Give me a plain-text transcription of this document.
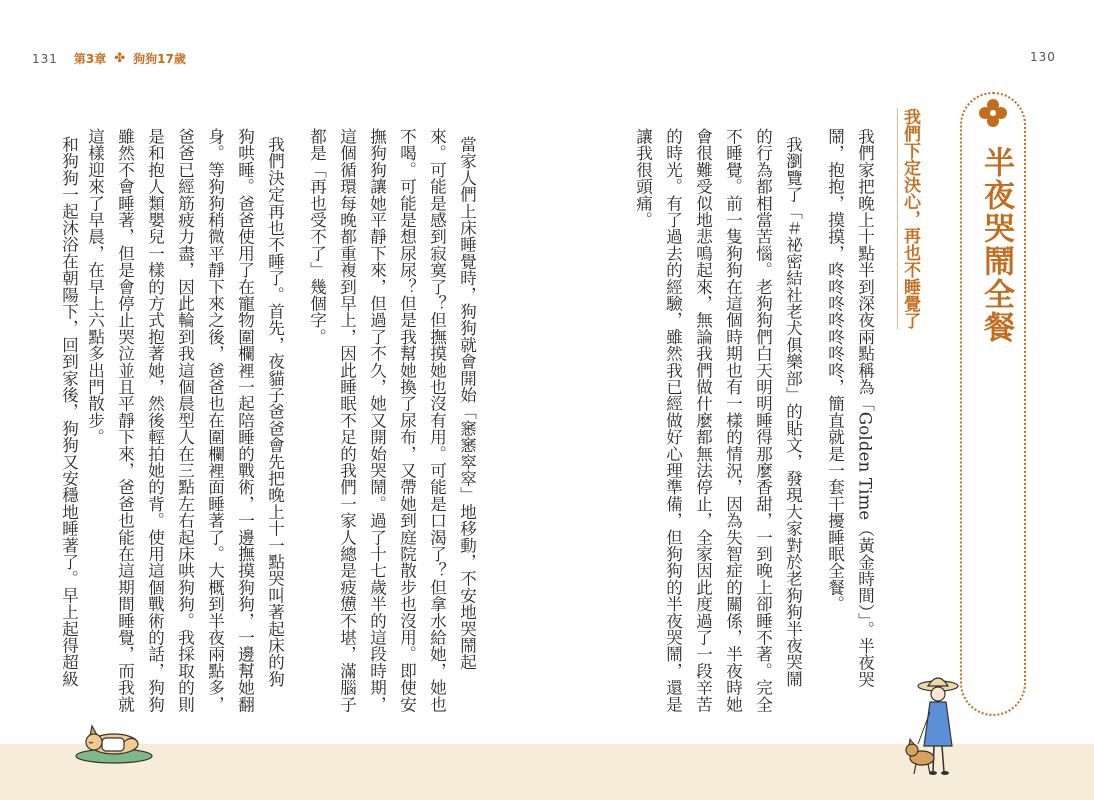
131 第3章 ✤ 狗狗17歲	130
半夜哭鬧全餐
我們下定決心，再也不睡覺了
我們家把晚上十點半到深夜兩點稱為「Golden Time（黃金時間）」。半夜哭
鬧，抱抱，摸摸，咚咚咚咚咚咚咚，簡直就是一套干擾睡眠全餐。
我瀏覽了「＃祕密結社老犬俱樂部」的貼文，發現大家對於老狗狗半夜哭鬧
的行為都相當苦惱。老狗狗們白天明明睡得那麼香甜，一到晚上卻睡不著。完全
不睡覺。前一隻狗狗在這個時期也有一樣的情況，因為失智症的關係，半夜時她
會很難受似地悲鳴起來，無論我們做什麼都無法停止，全家因此度過了一段辛苦
的時光。有了過去的經驗，雖然我已經做好心理準備，但狗狗的半夜哭鬧，還是
讓我很頭痛。
當家人們上床睡覺時，狗狗就會開始「窸窸窣窣」地移動，不安地哭鬧起
來。可能是感到寂寞了？但撫摸她也沒有用。可能是口渴了？但拿水給她，她也
不喝。可能是想尿尿？但是我幫她換了尿布，又帶她到庭院散步也沒用。即使安
撫狗狗讓她平靜下來，但過了不久，她又開始哭鬧。過了十七歲半的這段時期，
這個循環每晚都重複到早上，因此睡眠不足的我們一家人總是疲憊不堪，滿腦子
都是「再也受不了」幾個字。
我們決定再也不睡了。首先，夜貓子爸爸會先把晚上十一點哭叫著起床的狗
狗哄睡。爸爸使用了在寵物圍欄裡一起陪睡的戰術，一邊撫摸狗狗，一邊幫她翻
身。等狗狗稍微平靜下來之後，爸爸也在圍欄裡面睡著了。大概到半夜兩點多，
爸爸已經筋疲力盡，因此輪到我這個晨型人在三點左右起床哄狗狗。我採取的則
是和抱人類嬰兒一樣的方式抱著她，然後輕拍她的背。使用這個戰術的話，狗狗
雖然不會睡著，但是會停止哭泣並且平靜下來，爸爸也能在這期間睡覺，而我就
這樣迎來了早晨，在早上六點多出門散步。
和狗狗一起沐浴在朝陽下，回到家後，狗狗又安穩地睡著了。早上起得超級
